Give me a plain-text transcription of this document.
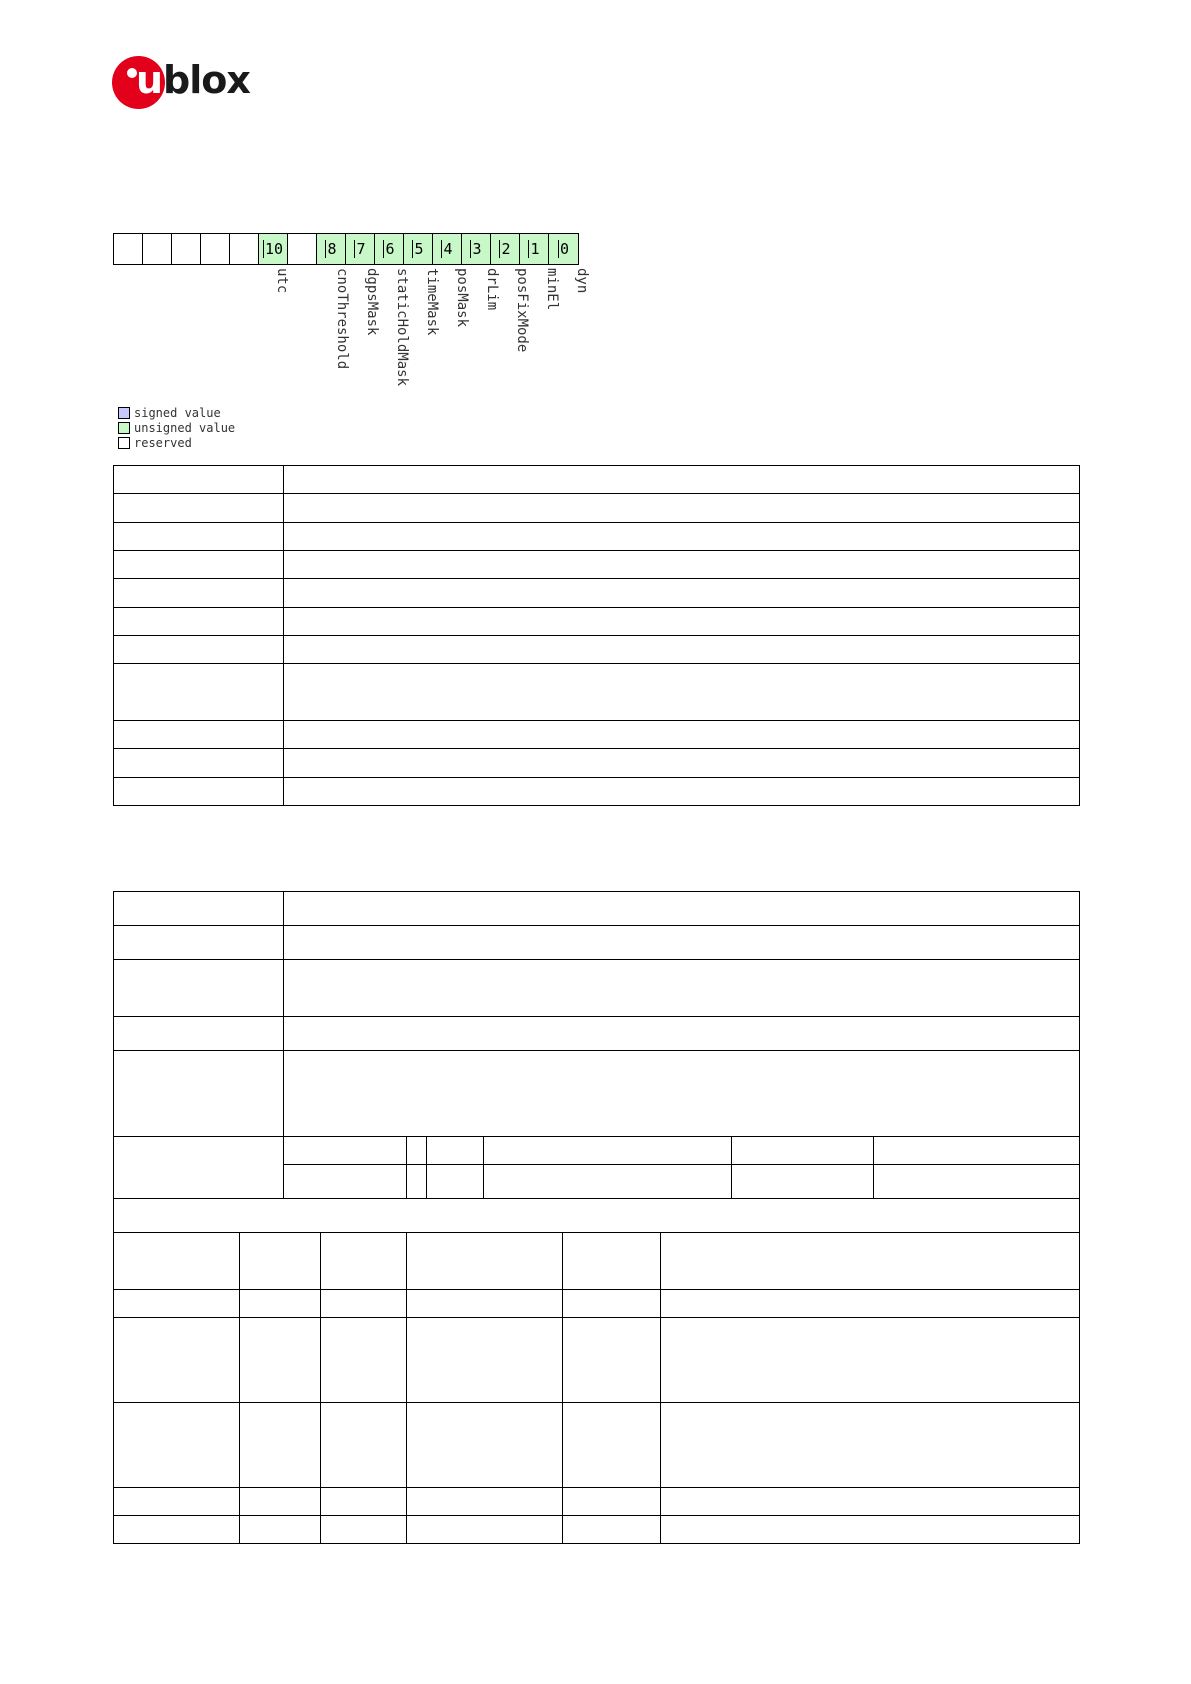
u blox
10	8	7	6	5	4	3	2	1	0
utc	cnoThreshold dgpsMask staticHoldMask timeMask posMask drLim posFixMode minEl dyn
signed value
unsigned value
reserved
